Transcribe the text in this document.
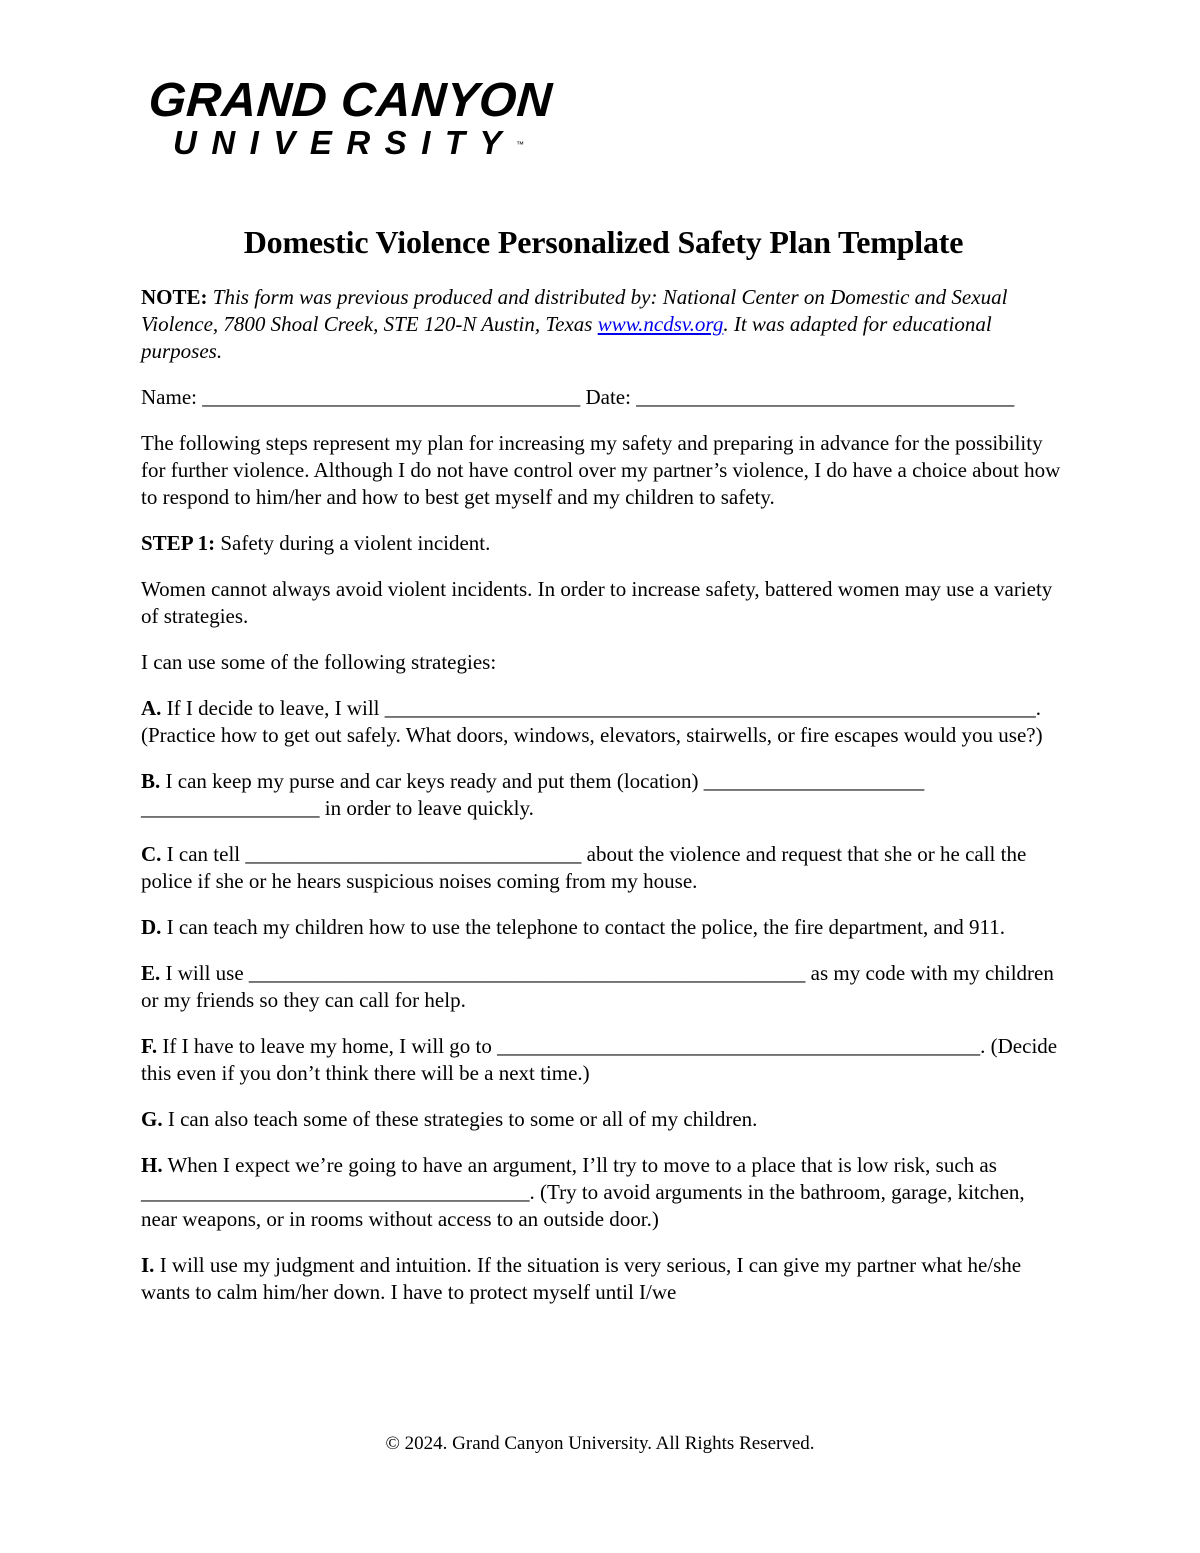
GRAND CANYON
UNIVERSITY™
Domestic Violence Personalized Safety Plan Template

NOTE: This form was previous produced and distributed by: National Center on Domestic and Sexual Violence, 7800 Shoal Creek, STE 120-N Austin, Texas www.ncdsv.org. It was adapted for educational purposes.

Name: ____________________________________ Date: ____________________________________

The following steps represent my plan for increasing my safety and preparing in advance for the possibility for further violence. Although I do not have control over my partner’s violence, I do have a choice about how to respond to him/her and how to best get myself and my children to safety.

STEP 1: Safety during a violent incident.

Women cannot always avoid violent incidents. In order to increase safety, battered women may use a variety of strategies.

I can use some of the following strategies:

A. If I decide to leave, I will ______________________________________________________________. (Practice how to get out safely. What doors, windows, elevators, stairwells, or fire escapes would you use?)

B. I can keep my purse and car keys ready and put them (location) _____________________ _________________ in order to leave quickly.

C. I can tell ________________________________ about the violence and request that she or he call the police if she or he hears suspicious noises coming from my house.

D. I can teach my children how to use the telephone to contact the police, the fire department, and 911.

E. I will use _____________________________________________________ as my code with my children or my friends so they can call for help.

F. If I have to leave my home, I will go to ______________________________________________. (Decide this even if you don’t think there will be a next time.)

G. I can also teach some of these strategies to some or all of my children.

H. When I expect we’re going to have an argument, I’ll try to move to a place that is low risk, such as _____________________________________. (Try to avoid arguments in the bathroom, garage, kitchen, near weapons, or in rooms without access to an outside door.)

I. I will use my judgment and intuition. If the situation is very serious, I can give my partner what he/she wants to calm him/her down. I have to protect myself until I/we

© 2024. Grand Canyon University. All Rights Reserved.
